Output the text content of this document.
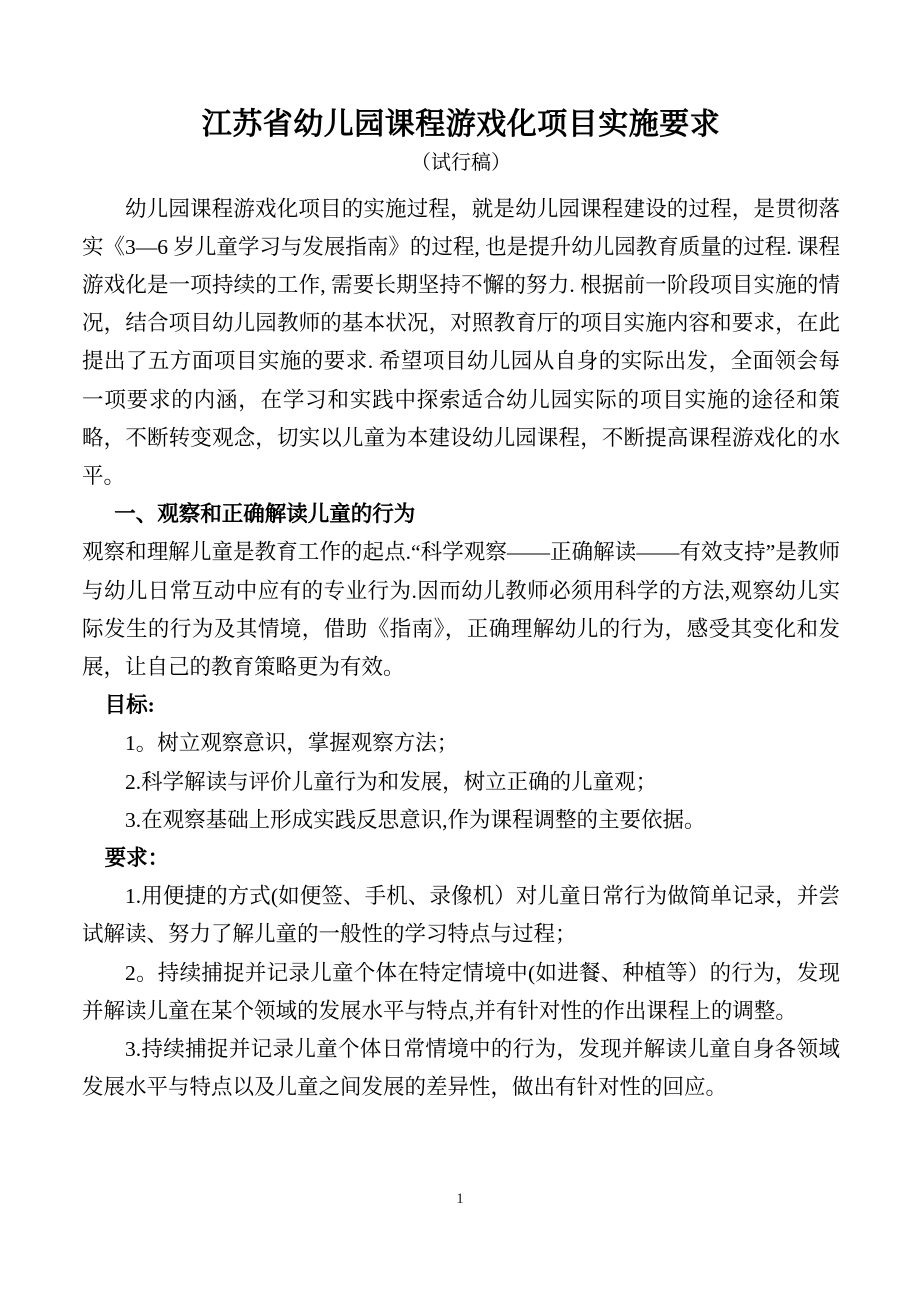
江苏省幼儿园课程游戏化项目实施要求
（试行稿）

幼儿园课程游戏化项目的实施过程，就是幼儿园课程建设的过程，是贯彻落实《3—6 岁儿童学习与发展指南》的过程, 也是提升幼儿园教育质量的过程. 课程游戏化是一项持续的工作, 需要长期坚持不懈的努力. 根据前一阶段项目实施的情况，结合项目幼儿园教师的基本状况，对照教育厅的项目实施内容和要求，在此提出了五方面项目实施的要求. 希望项目幼儿园从自身的实际出发，全面领会每一项要求的内涵，在学习和实践中探索适合幼儿园实际的项目实施的途径和策略，不断转变观念，切实以儿童为本建设幼儿园课程，不断提高课程游戏化的水平。

一、观察和正确解读儿童的行为

观察和理解儿童是教育工作的起点.“科学观察——正确解读——有效支持”是教师与幼儿日常互动中应有的专业行为.因而幼儿教师必须用科学的方法,观察幼儿实际发生的行为及其情境，借助《指南》，正确理解幼儿的行为，感受其变化和发展，让自己的教育策略更为有效。

目标:

1。树立观察意识，掌握观察方法；

2.科学解读与评价儿童行为和发展，树立正确的儿童观；

3.在观察基础上形成实践反思意识,作为课程调整的主要依据。

要求：

1.用便捷的方式(如便签、手机、录像机）对儿童日常行为做简单记录，并尝试解读、努力了解儿童的一般性的学习特点与过程；

2。持续捕捉并记录儿童个体在特定情境中(如进餐、种植等）的行为，发现并解读儿童在某个领域的发展水平与特点,并有针对性的作出课程上的调整。

3.持续捕捉并记录儿童个体日常情境中的行为，发现并解读儿童自身各领域发展水平与特点以及儿童之间发展的差异性，做出有针对性的回应。

1
